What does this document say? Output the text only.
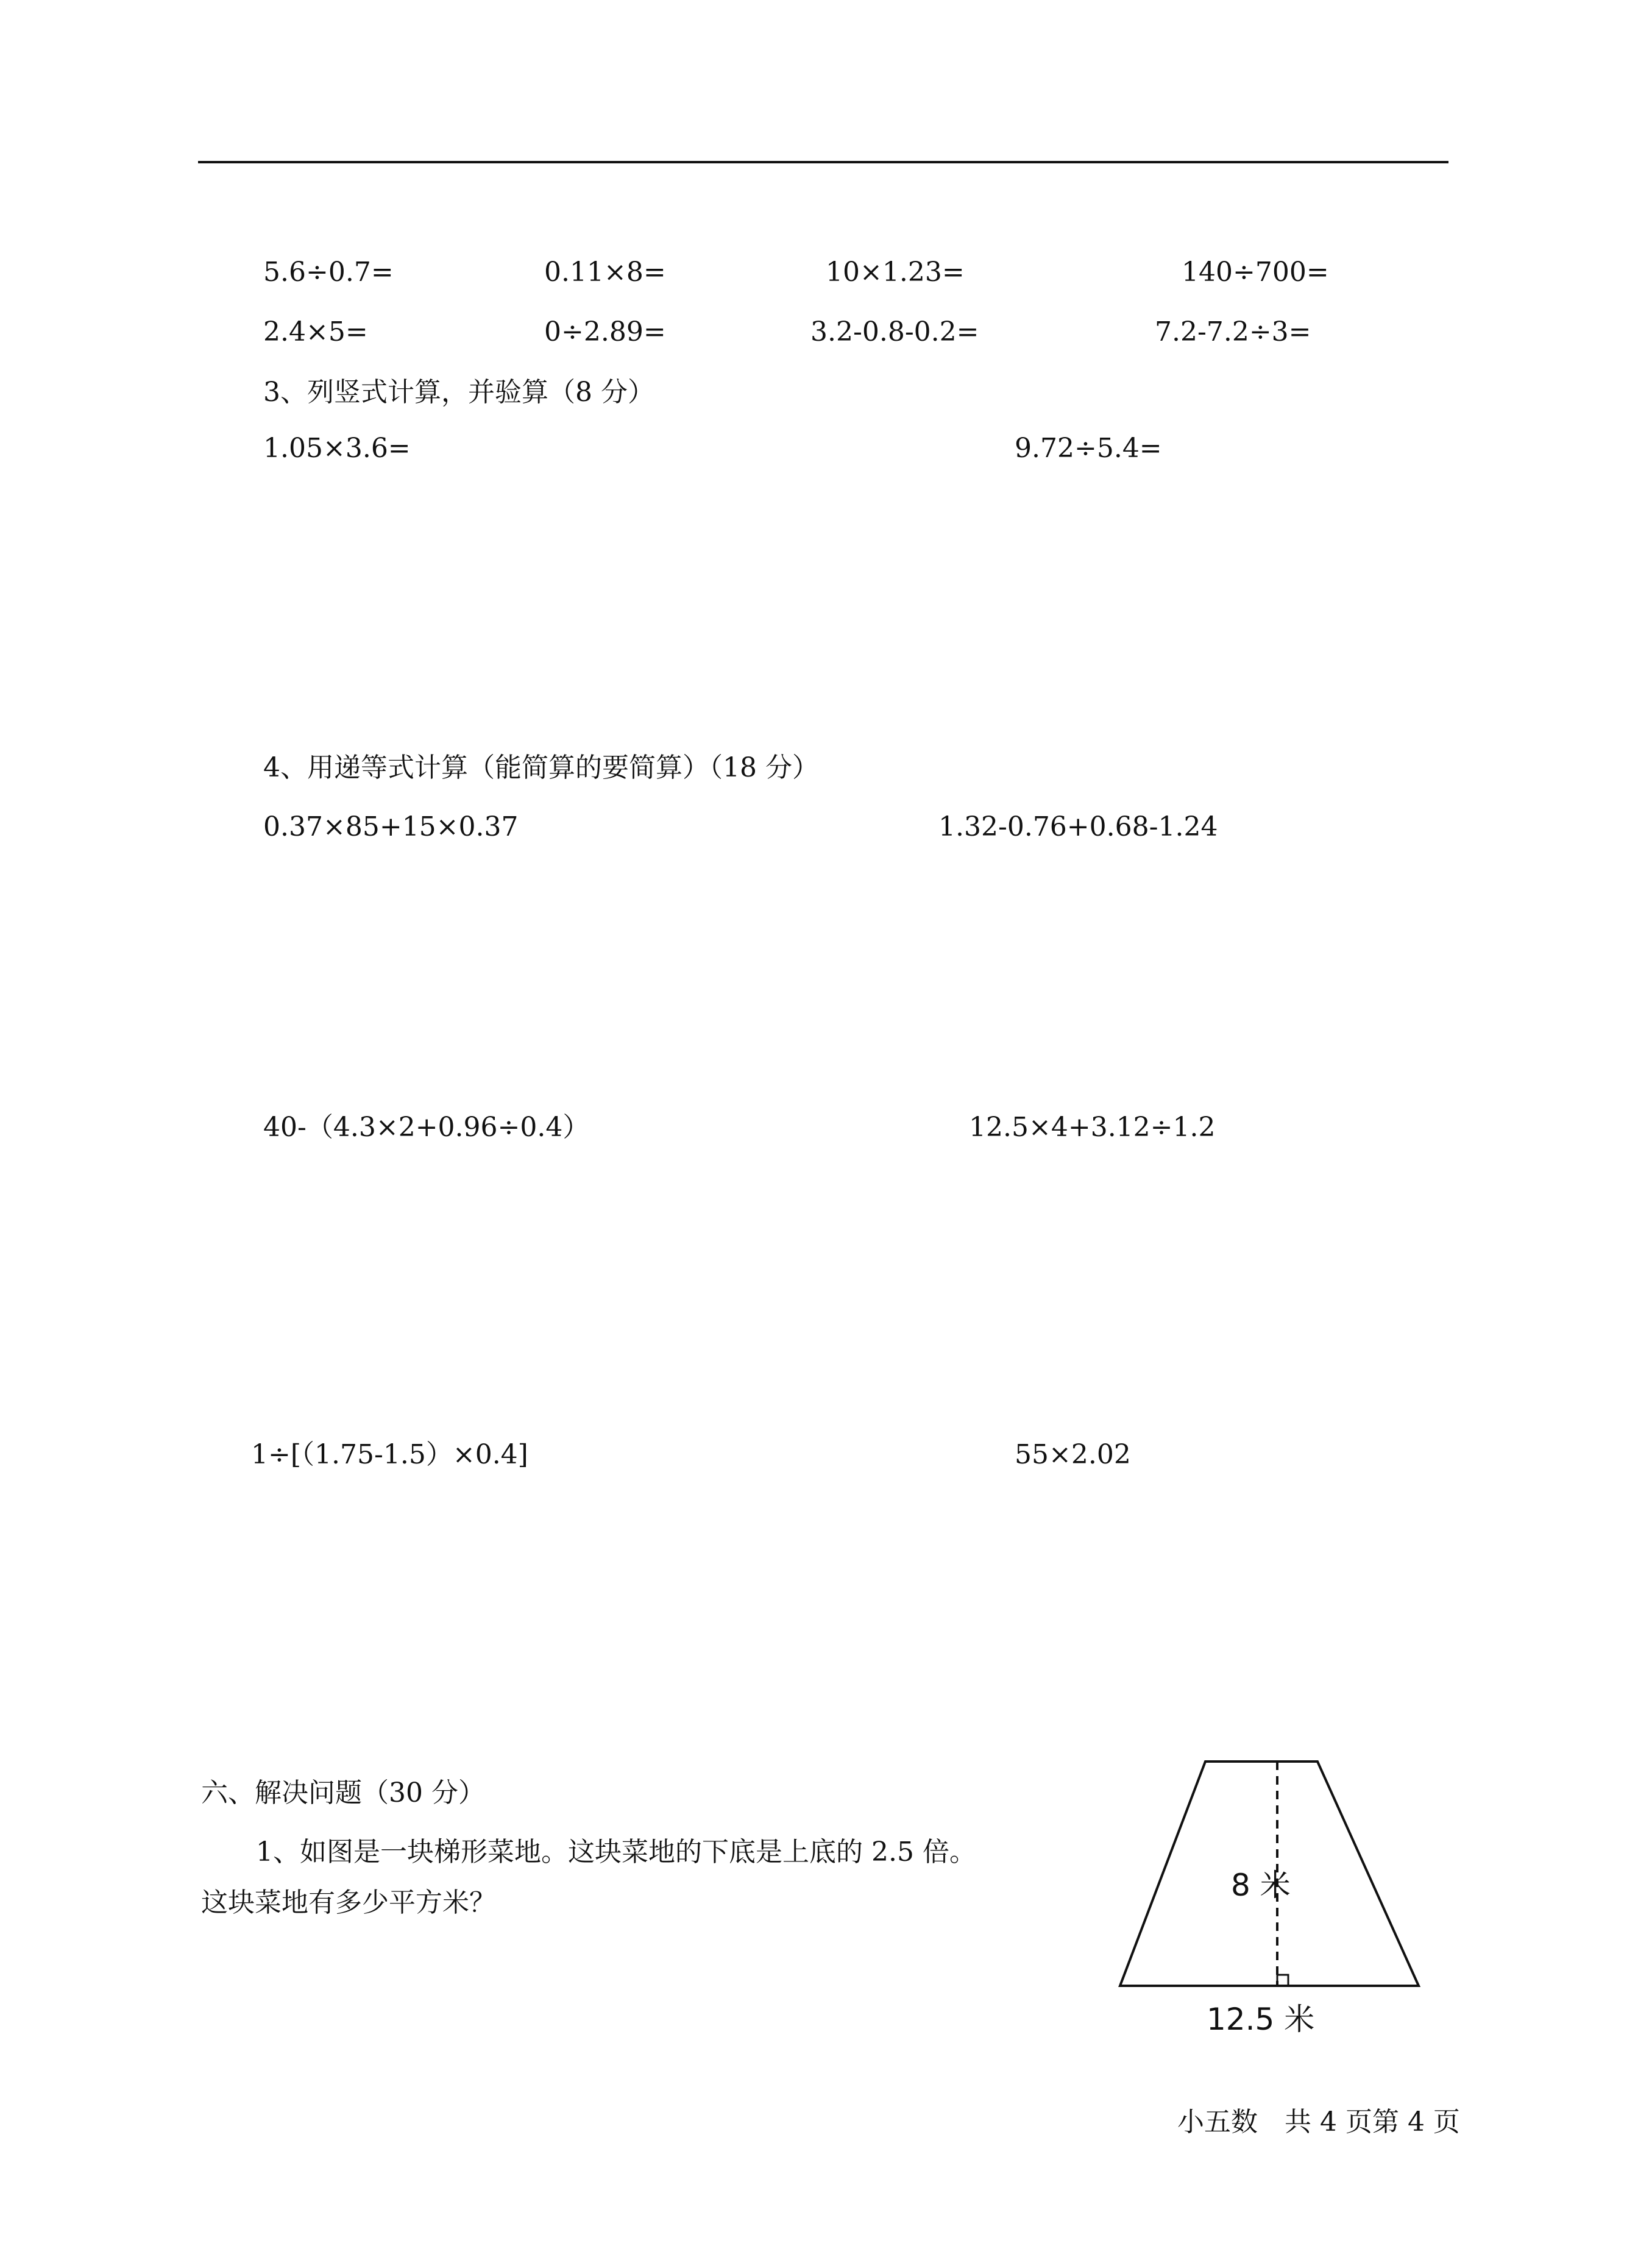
5.6÷0.7=	0.11×8=	10×1.23=	140÷700=
2.4×5=	0÷2.89=	3.2-0.8-0.2=	7.2-7.2÷3=
3、列竖式计算，并验算（8 分）
1.05×3.6=	9.72÷5.4=
4、用递等式计算（能简算的要简算）（18 分）
0.37×85+15×0.37	1.32-0.76+0.68-1.24
40-（4.3×2+0.96÷0.4）	12.5×4+3.12÷1.2
1÷[（1.75-1.5）×0.4]	55×2.02
六、解决问题（30 分）
1、如图是一块梯形菜地。这块菜地的下底是上底的 2.5 倍。
这块菜地有多少平方米？	8 米
12.5 米
小五数　共 4 页第 4 页
